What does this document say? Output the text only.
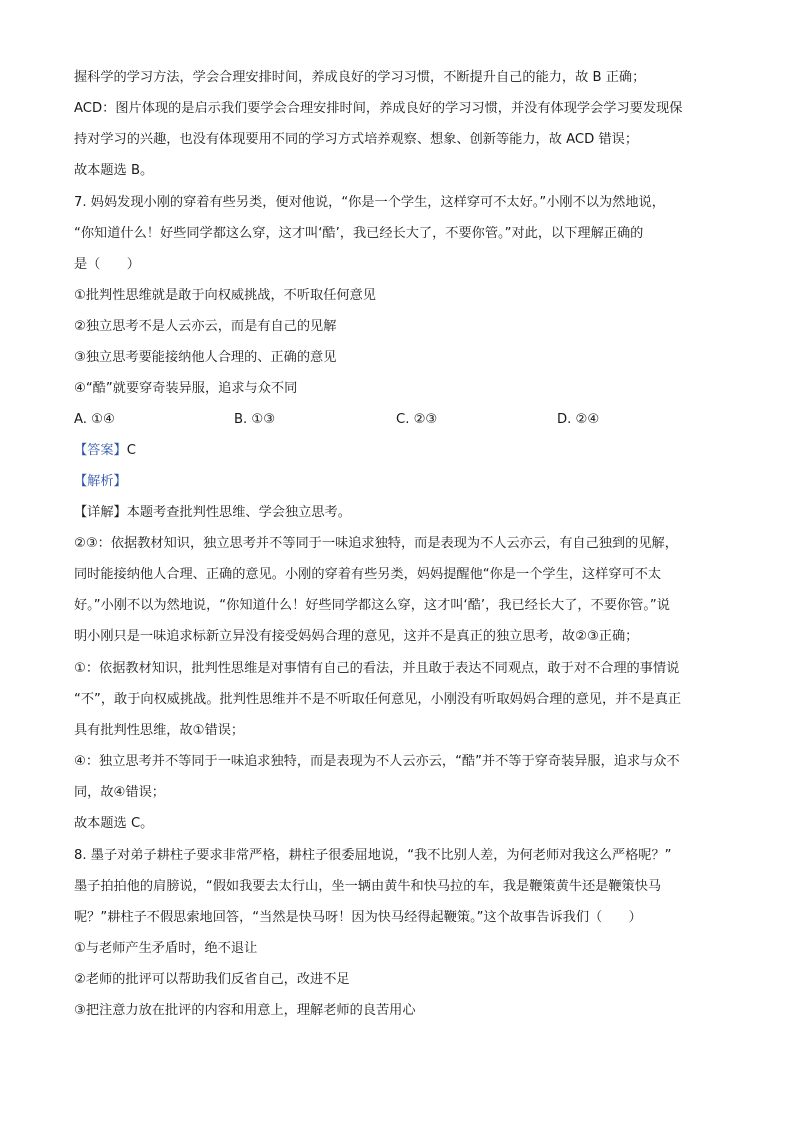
握科学的学习方法，学会合理安排时间，养成良好的学习习惯，不断提升自己的能力，故 B 正确；
ACD：图片体现的是启示我们要学会合理安排时间，养成良好的学习习惯，并没有体现学会学习要发现保
持对学习的兴趣，也没有体现要用不同的学习方式培养观察、想象、创新等能力，故 ACD 错误；
故本题选 B。
7. 妈妈发现小刚的穿着有些另类，便对他说，“你是一个学生，这样穿可不太好。”小刚不以为然地说，
“你知道什么！好些同学都这么穿，这才叫‘酷’，我已经长大了，不要你管。”对此，以下理解正确的
是（　　）
①批判性思维就是敢于向权威挑战，不听取任何意见
②独立思考不是人云亦云，而是有自己的见解
③独立思考要能接纳他人合理的、正确的意见
④“酷”就要穿奇装异服，追求与众不同
A. ①④	B. ①③	C. ②③	D. ②④
【答案】C
【解析】
【详解】本题考查批判性思维、学会独立思考。
②③：依据教材知识，独立思考并不等同于一味追求独特，而是表现为不人云亦云，有自己独到的见解，
同时能接纳他人合理、正确的意见。小刚的穿着有些另类，妈妈提醒他“你是一个学生，这样穿可不太
好。”小刚不以为然地说，“你知道什么！好些同学都这么穿，这才叫‘酷’，我已经长大了，不要你管。”说
明小刚只是一味追求标新立异没有接受妈妈合理的意见，这并不是真正的独立思考，故②③正确；
①：依据教材知识，批判性思维是对事情有自己的看法，并且敢于表达不同观点，敢于对不合理的事情说
“不”，敢于向权威挑战。批判性思维并不是不听取任何意见，小刚没有听取妈妈合理的意见，并不是真正
具有批判性思维，故①错误；
④：独立思考并不等同于一味追求独特，而是表现为不人云亦云，“酷”并不等于穿奇装异服，追求与众不
同，故④错误；
故本题选 C。
8. 墨子对弟子耕柱子要求非常严格，耕柱子很委屈地说，“我不比别人差，为何老师对我这么严格呢？”
墨子拍拍他的肩膀说，“假如我要去太行山，坐一辆由黄牛和快马拉的车，我是鞭策黄牛还是鞭策快马
呢？”耕柱子不假思索地回答，“当然是快马呀！因为快马经得起鞭策。”这个故事告诉我们（　　）
①与老师产生矛盾时，绝不退让
②老师的批评可以帮助我们反省自己，改进不足
③把注意力放在批评的内容和用意上，理解老师的良苦用心
